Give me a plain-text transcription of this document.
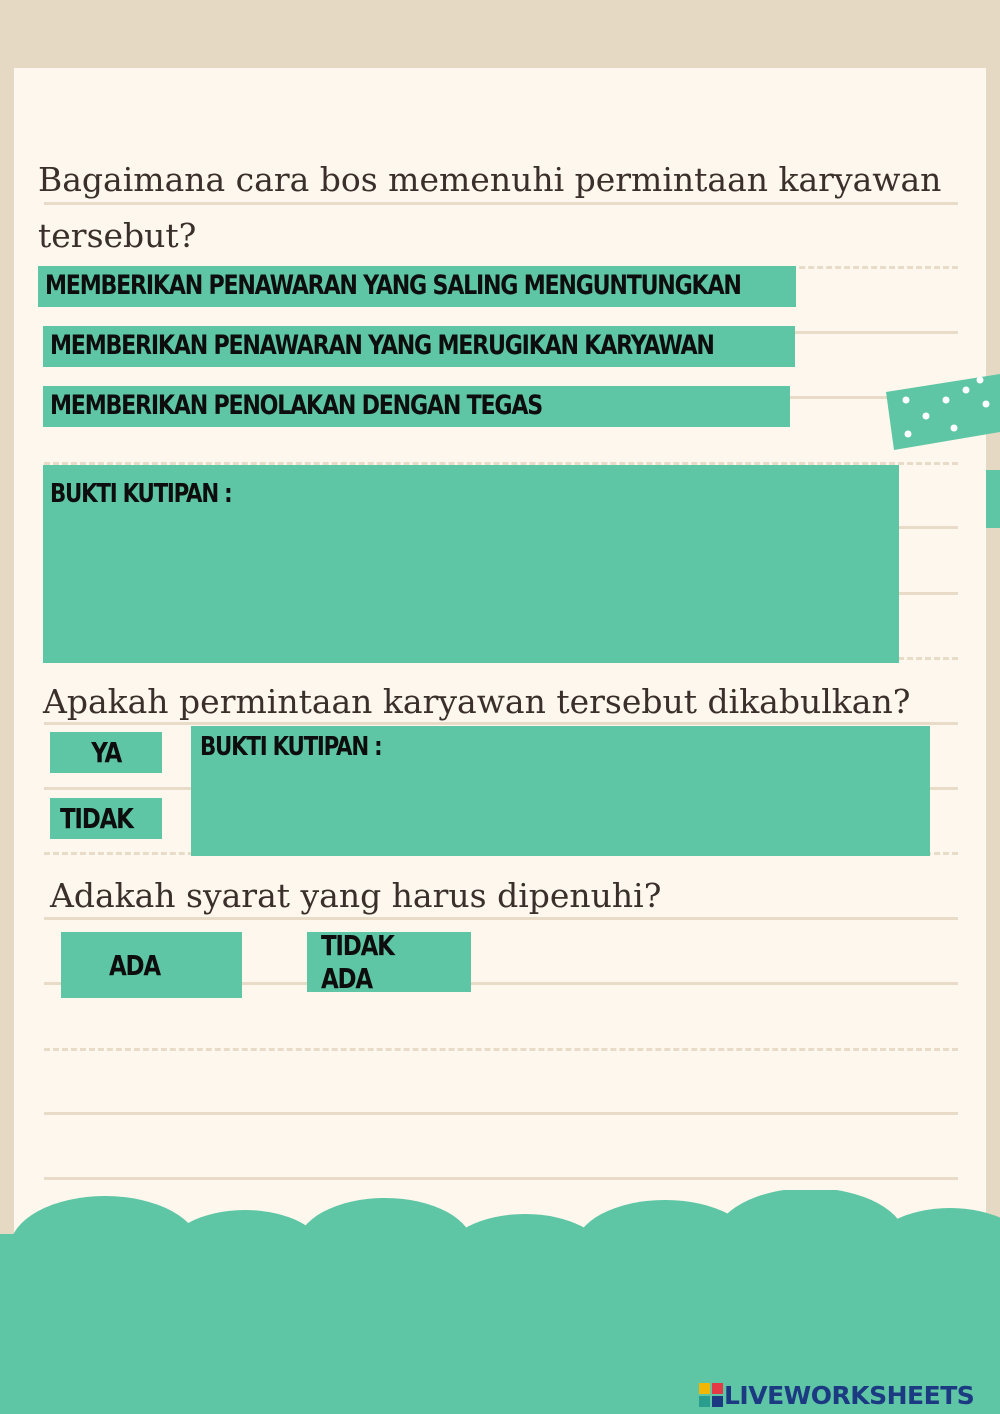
Bagaimana cara bos memenuhi permintaan karyawan

tersebut?

MEMBERIKAN PENAWARAN YANG SALING MENGUNTUNGKAN
MEMBERIKAN PENAWARAN YANG MERUGIKAN KARYAWAN
MEMBERIKAN PENOLAKAN DENGAN TEGAS
BUKTI KUTIPAN :

Apakah permintaan karyawan tersebut dikabulkan?

YA
TIDAK
BUKTI KUTIPAN :

Adakah syarat yang harus dipenuhi?

ADA
TIDAK ADA
LIVEWORKSHEETS
